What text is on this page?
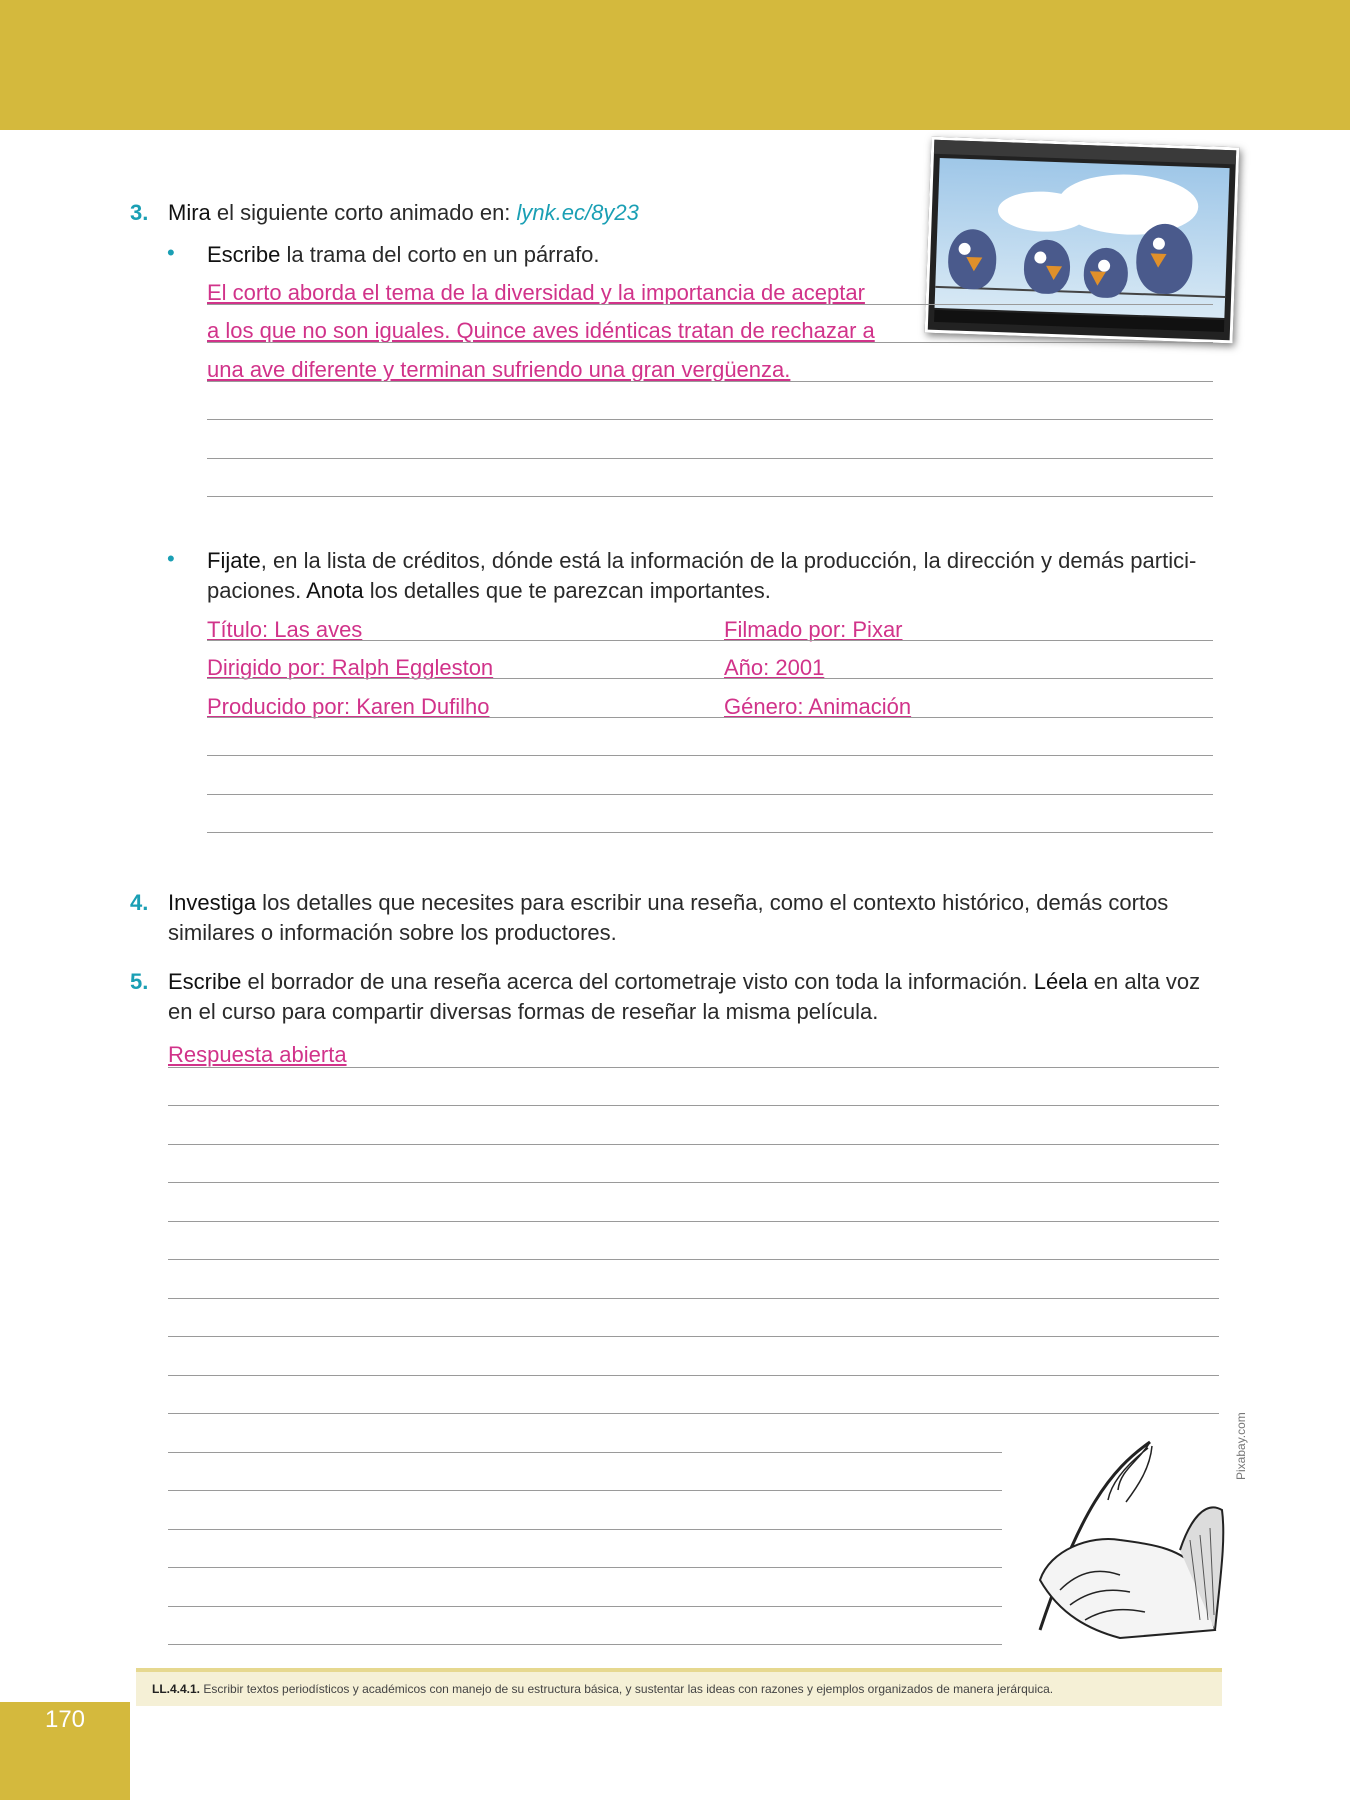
3. Mira el siguiente corto animado en: lynk.ec/8y23
• Escribe la trama del corto en un párrafo.
El corto aborda el tema de la diversidad y la importancia de aceptar
a los que no son iguales. Quince aves idénticas tratan de rechazar a
una ave diferente y terminan sufriendo una gran vergüenza.
• Fijate, en la lista de créditos, dónde está la información de la producción, la dirección y demás partici-
paciones. Anota los detalles que te parezcan importantes.
Título: Las aves
Dirigido por: Ralph Eggleston
Producido por: Karen Dufilho
Filmado por: Pixar
Año: 2001
Género: Animación
4. Investiga los detalles que necesites para escribir una reseña, como el contexto histórico, demás cortos
similares o información sobre los productores.
5. Escribe el borrador de una reseña acerca del cortometraje visto con toda la información. Léela en alta voz
en el curso para compartir diversas formas de reseñar la misma película.
Respuesta abierta
Pixabay.com
LL.4.4.1. Escribir textos periodísticos y académicos con manejo de su estructura básica, y sustentar las ideas con razones y ejemplos organizados de manera jerárquica.
170
